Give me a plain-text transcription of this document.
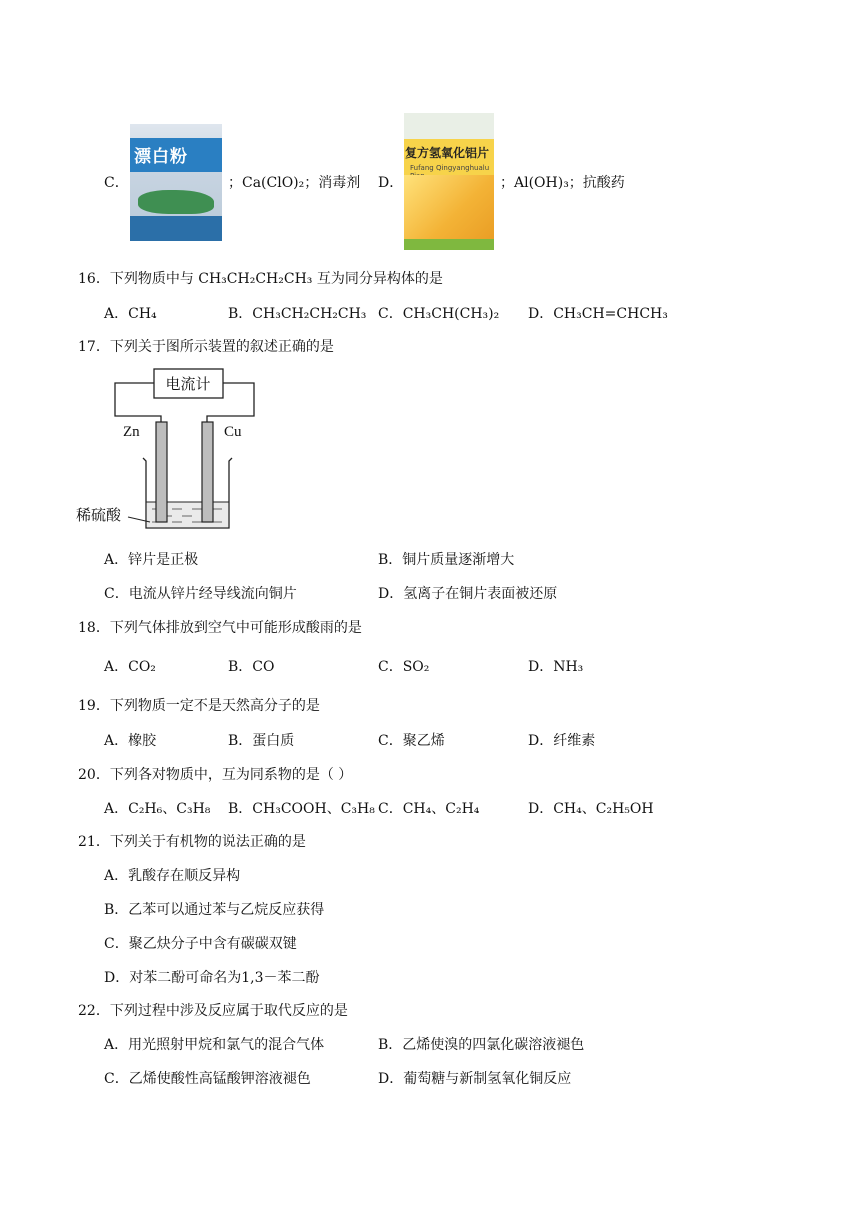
C．
漂白粉
；Ca(ClO)₂；消毒剂 D．
复方氢氧化铝片
Fufang Qingyanghualu
；Al(OH)₃；抗酸药
16．下列物质中与 CH₃CH₂CH₂CH₃ 互为同分异构体的是
A．CH₄	B．CH₃CH₂CH₂CH₃ C．CH₃CH(CH₃)₂ D．CH₃CH=CHCH₃
17．下列关于图所示装置的叙述正确的是
电流计
Zn	Cu
稀硫酸
A．锌片是正极	B．铜片质量逐渐增大
C．电流从锌片经导线流向铜片	D．氢离子在铜片表面被还原
18．下列气体排放到空气中可能形成酸雨的是
A．CO₂	B．CO	C．SO₂	D．NH₃
19．下列物质一定不是天然高分子的是
A．橡胶	B．蛋白质	C．聚乙烯	D．纤维素
20．下列各对物质中，互为同系物的是（ ）
A．C₂H₆、C₃H₈ B．CH₃COOH、C₃H₈ C．CH₄、C₂H₄	D．CH₄、C₂H₅OH
21．下列关于有机物的说法正确的是
A．乳酸存在顺反异构
B．乙苯可以通过苯与乙烷反应获得
C．聚乙炔分子中含有碳碳双键
D．对苯二酚可命名为1,3－苯二酚
22．下列过程中涉及反应属于取代反应的是
A．用光照射甲烷和氯气的混合气体	B．乙烯使溴的四氯化碳溶液褪色
C．乙烯使酸性高锰酸钾溶液褪色	D．葡萄糖与新制氢氧化铜反应
